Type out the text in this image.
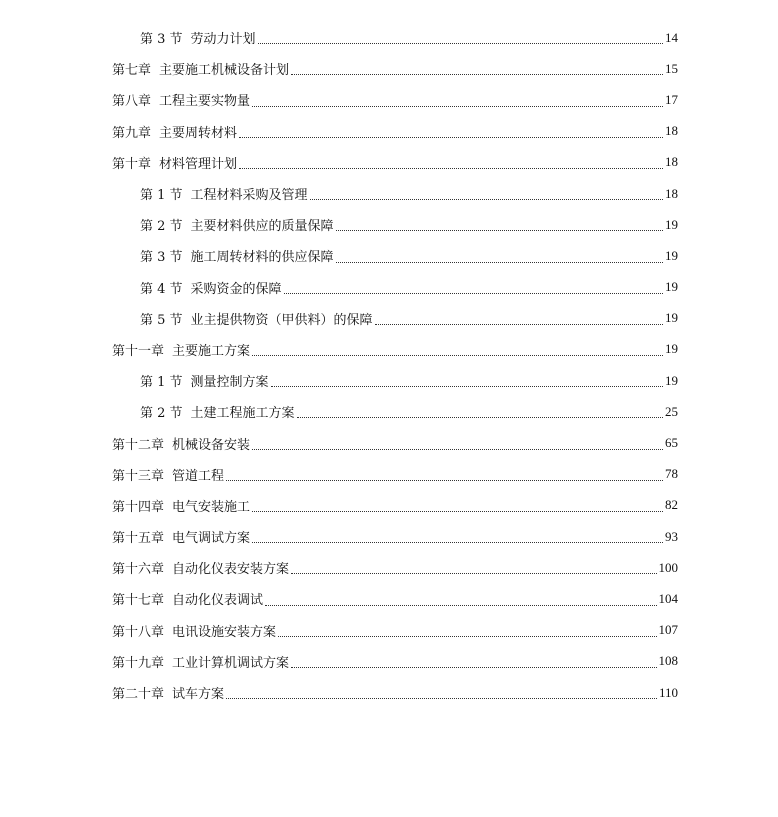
第 3 节 劳动力计划	14
第七章 主要施工机械设备计划	15
第八章 工程主要实物量	17
第九章 主要周转材料	18
第十章 材料管理计划	18
第 1 节 工程材料采购及管理	18
第 2 节 主要材料供应的质量保障	19
第 3 节 施工周转材料的供应保障	19
第 4 节 采购资金的保障	19
第 5 节 业主提供物资（甲供料）的保障	19
第十一章 主要施工方案	19
第 1 节 测量控制方案	19
第 2 节 土建工程施工方案	25
第十二章 机械设备安装	65
第十三章 管道工程	78
第十四章 电气安装施工	82
第十五章 电气调试方案	93
第十六章 自动化仪表安装方案	100
第十七章 自动化仪表调试	104
第十八章 电讯设施安装方案	107
第十九章 工业计算机调试方案	108
第二十章 试车方案	110
